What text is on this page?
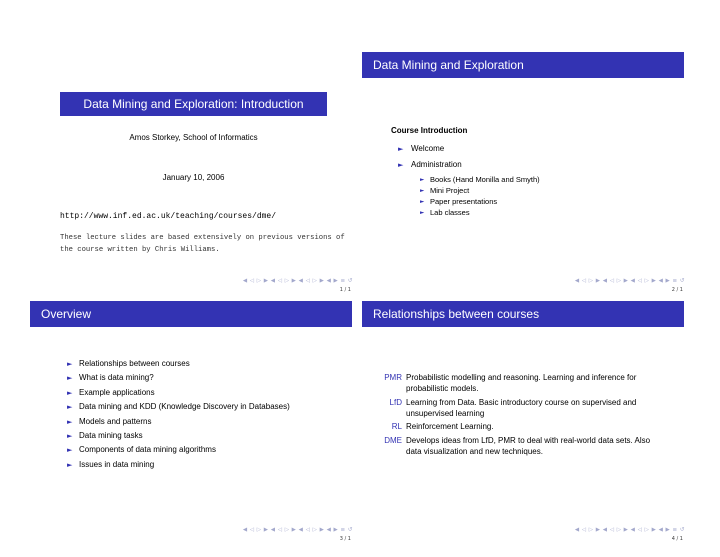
Data Mining and Exploration: Introduction
Amos Storkey, School of Informatics
January 10, 2006
http://www.inf.ed.ac.uk/teaching/courses/dme/
These lecture slides are based extensively on previous versions of the course written by Chris Williams.
◀ ◁ ▷ ▶ ◀ ◁ ▷ ▶ ◀ ◁ ▷ ▶ ◀ ▶ ≡ ↺
1 / 1
Data Mining and Exploration
Course Introduction
► Welcome
► Administration
► Books (Hand Monilla and Smyth)
► Mini Project
► Paper presentations
► Lab classes
◀ ◁ ▷ ▶ ◀ ◁ ▷ ▶ ◀ ◁ ▷ ▶ ◀ ▶ ≡ ↺
2 / 1
Overview
► Relationships between courses
► What is data mining?
► Example applications
► Data mining and KDD (Knowledge Discovery in Databases)
► Models and patterns
► Data mining tasks
► Components of data mining algorithms
► Issues in data mining
◀ ◁ ▷ ▶ ◀ ◁ ▷ ▶ ◀ ◁ ▷ ▶ ◀ ▶ ≡ ↺
3 / 1
Relationships between courses
PMR Probabilistic modelling and reasoning. Learning and inference for probabilistic models.
LfD Learning from Data. Basic introductory course on supervised and unsupervised learning
RL Reinforcement Learning.
DME Develops ideas from LfD, PMR to deal with real-world data sets. Also data visualization and new techniques.
◀ ◁ ▷ ▶ ◀ ◁ ▷ ▶ ◀ ◁ ▷ ▶ ◀ ▶ ≡ ↺
4 / 1
